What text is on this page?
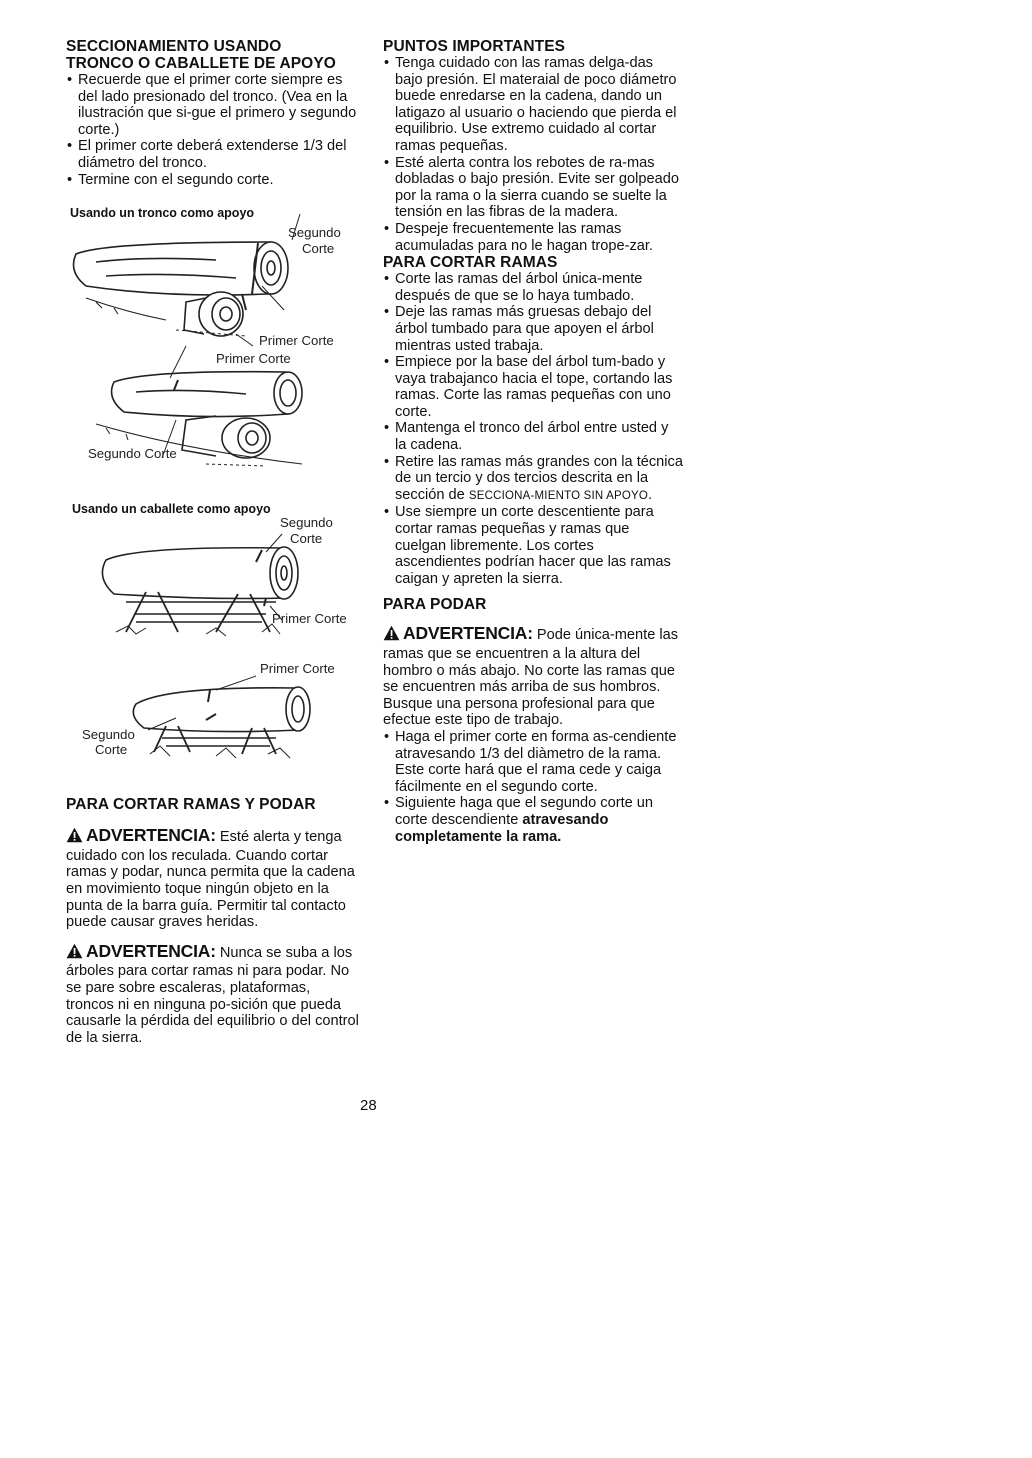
SECCIONAMIENTO USANDO
TRONCO O CABALLETE DE APOYO
• Recuerde que el primer corte siempre es del lado presionado del tronco. (Vea en la ilustración que si-gue el primero y segundo corte.)
• El primer corte deberá extenderse 1/3 del diámetro del tronco.
• Termine con el segundo corte.
Usando un tronco como apoyo
Segundo
Corte
Primer Corte
Primer Corte
Segundo Corte
Usando un caballete como apoyo
Segundo
Corte
Primer Corte
Primer Corte
Segundo
Corte
PARA CORTAR RAMAS Y PODAR

ADVERTENCIA: Esté alerta y tenga cuidado con los reculada. Cuando cortar ramas y podar, nunca permita que la cadena en movimiento toque ningún objeto en la punta de la barra guía. Permitir tal contacto puede causar graves heridas.

ADVERTENCIA: Nunca se suba a los árboles para cortar ramas ni para podar. No se pare sobre escaleras, plataformas, troncos ni en ninguna po-sición que pueda causarle la pérdida del equilibrio o del control de la sierra.

PUNTOS IMPORTANTES
• Tenga cuidado con las ramas delga-das bajo presión. El materaial de poco diámetro buede enredarse en la cadena, dando un latigazo al usuario o haciendo que pierda el equilibrio. Use extremo cuidado al cortar ramas pequeñas.
• Esté alerta contra los rebotes de ra-mas dobladas o bajo presión. Evite ser golpeado por la rama o la sierra cuando se suelte la tensión en las fibras de la madera.
• Despeje frecuentemente las ramas acumuladas para no le hagan trope-zar.
PARA CORTAR RAMAS
• Corte las ramas del árbol única-mente después de que se lo haya tumbado.
• Deje las ramas más gruesas debajo del árbol tumbado para que apoyen el árbol mientras usted trabaja.
• Empiece por la base del árbol tum-bado y vaya trabajanco hacia el tope, cortando las ramas. Corte las ramas pequeñas con uno corte.
• Mantenga el tronco del árbol entre usted y la cadena.
• Retire las ramas más grandes con la técnica de un tercio y dos tercios descrita en la sección de SECCIONA-MIENTO SIN APOYO.
• Use siempre un corte descentiente para cortar ramas pequeñas y ramas que cuelgan libremente. Los cortes ascendientes podrían hacer que las ramas caigan y apreten la sierra.
PARA PODAR

ADVERTENCIA: Pode única-mente las ramas que se encuentren a la altura del hombro o más abajo. No corte las ramas que se encuentren más arriba de sus hombros. Busque una persona profesional para que efectue este tipo de trabajo.

• Haga el primer corte en forma as-cendiente atravesando 1/3 del diàmetro de la rama. Este corte hará que el rama cede y caiga fácilmente en el segundo corte.
• Siguiente haga que el segundo corte un corte descendiente atravesando completamente la rama.
28
